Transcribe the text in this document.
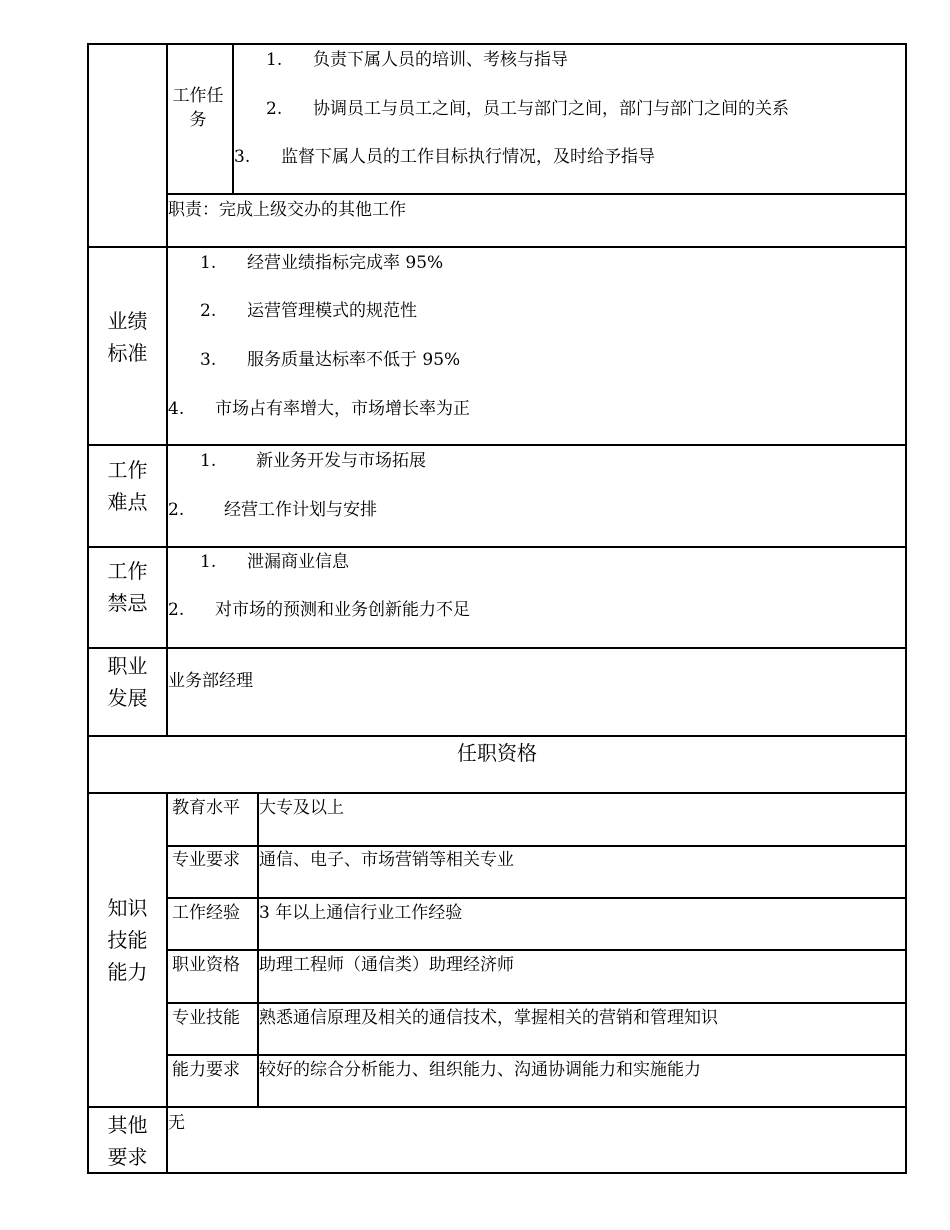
工作任务
1. 负责下属人员的培训、考核与指导
2. 协调员工与员工之间，员工与部门之间，部门与部门之间的关系
3. 监督下属人员的工作目标执行情况，及时给予指导
职责：完成上级交办的其他工作
业绩标准
1. 经营业绩指标完成率 95%
2. 运营管理模式的规范性
3. 服务质量达标率不低于 95%
4. 市场占有率增大，市场增长率为正
工作难点
1. 新业务开发与市场拓展
2. 经营工作计划与安排
工作禁忌
1. 泄漏商业信息
2. 对市场的预测和业务创新能力不足
职业发展
业务部经理
任职资格
知识技能能力
教育水平 大专及以上
专业要求 通信、电子、市场营销等相关专业
工作经验 3 年以上通信行业工作经验
职业资格 助理工程师（通信类）助理经济师
专业技能 熟悉通信原理及相关的通信技术，掌握相关的营销和管理知识
能力要求 较好的综合分析能力、组织能力、沟通协调能力和实施能力
其他要求
无
